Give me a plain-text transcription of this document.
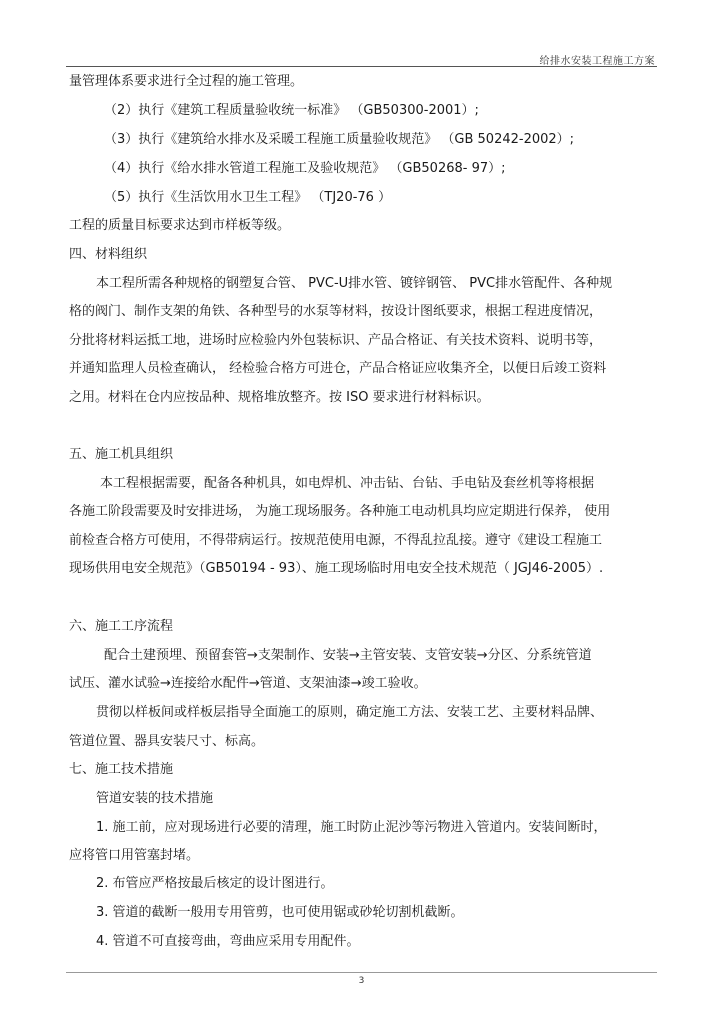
给排水安装工程施工方案
量管理体系要求进行全过程的施工管理。
（2）执行《建筑工程质量验收统一标准》 （GB50300-2001）;
（3）执行《建筑给水排水及采暖工程施工质量验收规范》 （GB 50242-2002）;
（4）执行《给水排水管道工程施工及验收规范》 （GB50268- 97）;
（5）执行《生活饮用水卫生工程》 （TJ20-76 ）
工程的质量目标要求达到市样板等级。
四、材料组织
本工程所需各种规格的钢塑复合管、 PVC-U排水管、镀锌钢管、 PVC排水管配件、各种规
格的阀门、制作支架的角铁、各种型号的水泵等材料，按设计图纸要求，根据工程进度情况，
分批将材料运抵工地，进场时应检验内外包装标识、产品合格证、有关技术资料、说明书等，
并通知监理人员检查确认， 经检验合格方可进仓，产品合格证应收集齐全，以便日后竣工资料
之用。材料在仓内应按品种、规格堆放整齐。按 ISO 要求进行材料标识。
五、施工机具组织
本工程根据需要，配备各种机具，如电焊机、冲击钻、台钻、手电钻及套丝机等将根据
各施工阶段需要及时安排进场， 为施工现场服务。各种施工电动机具均应定期进行保养， 使用
前检查合格方可使用，不得带病运行。按规范使用电源，不得乱拉乱接。遵守《建设工程施工
现场供用电安全规范》（GB50194 - 93）、施工现场临时用电安全技术规范（ JGJ46-2005）.
六、施工工序流程
配合土建预埋、预留套管→支架制作、安装→主管安装、支管安装→分区、分系统管道
试压、灌水试验→连接给水配件→管道、支架油漆→竣工验收。
贯彻以样板间或样板层指导全面施工的原则，确定施工方法、安装工艺、主要材料品牌、
管道位置、器具安装尺寸、标高。
七、施工技术措施
管道安装的技术措施
1. 施工前，应对现场进行必要的清理，施工时防止泥沙等污物进入管道内。安装间断时，
应将管口用管塞封堵。
2. 布管应严格按最后核定的设计图进行。
3. 管道的截断一般用专用管剪，也可使用锯或砂轮切割机截断。
4. 管道不可直接弯曲，弯曲应采用专用配件。
3
